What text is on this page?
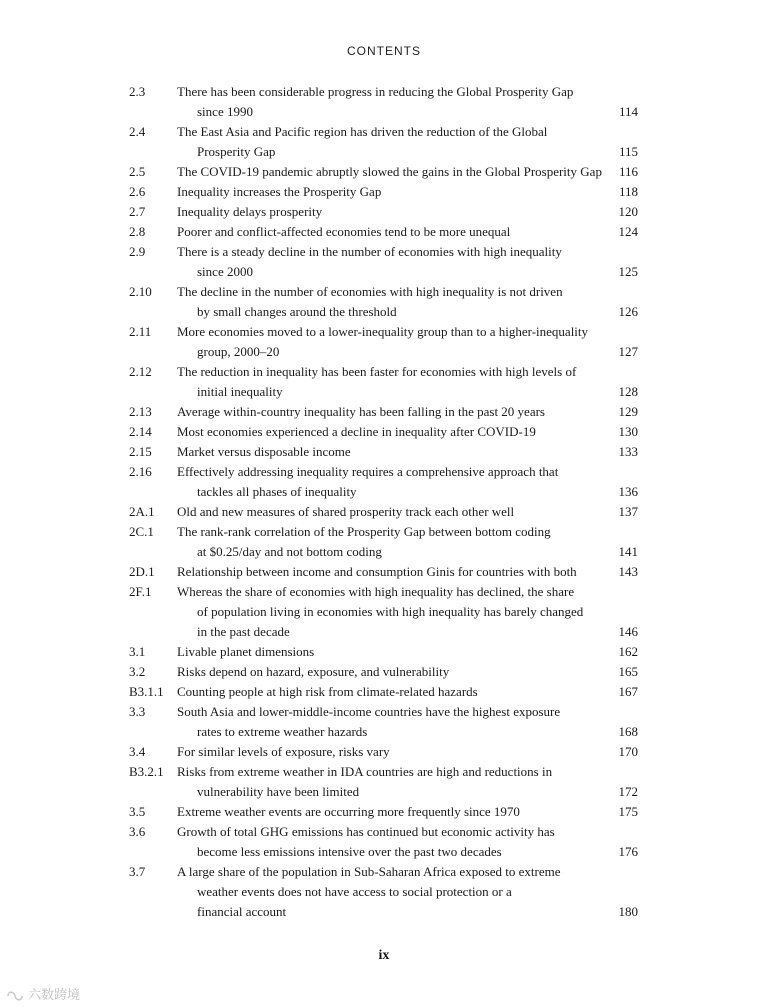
CONTENTS
2.3 There has been considerable progress in reducing the Global Prosperity Gap
since 1990	114
2.4 The East Asia and Pacific region has driven the reduction of the Global
Prosperity Gap	115
2.5 The COVID-19 pandemic abruptly slowed the gains in the Global Prosperity Gap 116
2.6 Inequality increases the Prosperity Gap	118
2.7 Inequality delays prosperity	120
2.8 Poorer and conflict-affected economies tend to be more unequal	124
2.9 There is a steady decline in the number of economies with high inequality
since 2000	125
2.10 The decline in the number of economies with high inequality is not driven
by small changes around the threshold	126
2.11 More economies moved to a lower-inequality group than to a higher-inequality
group, 2000–20	127
2.12 The reduction in inequality has been faster for economies with high levels of
initial inequality	128
2.13 Average within-country inequality has been falling in the past 20 years	129
2.14 Most economies experienced a decline in inequality after COVID-19	130
2.15 Market versus disposable income	133
2.16 Effectively addressing inequality requires a comprehensive approach that
tackles all phases of inequality	136
2A.1 Old and new measures of shared prosperity track each other well	137
2C.1 The rank-rank correlation of the Prosperity Gap between bottom coding
at $0.25/day and not bottom coding	141
2D.1 Relationship between income and consumption Ginis for countries with both	143
2F.1 Whereas the share of economies with high inequality has declined, the share
of population living in economies with high inequality has barely changed
in the past decade	146
3.1 Livable planet dimensions	162
3.2 Risks depend on hazard, exposure, and vulnerability	165
B3.1.1 Counting people at high risk from climate-related hazards	167
3.3 South Asia and lower-middle-income countries have the highest exposure
rates to extreme weather hazards	168
3.4 For similar levels of exposure, risks vary	170
B3.2.1 Risks from extreme weather in IDA countries are high and reductions in
vulnerability have been limited	172
3.5 Extreme weather events are occurring more frequently since 1970	175
3.6 Growth of total GHG emissions has continued but economic activity has
become less emissions intensive over the past two decades	176
3.7 A large share of the population in Sub-Saharan Africa exposed to extreme
weather events does not have access to social protection or a
financial account	180
ix
六数跨境
